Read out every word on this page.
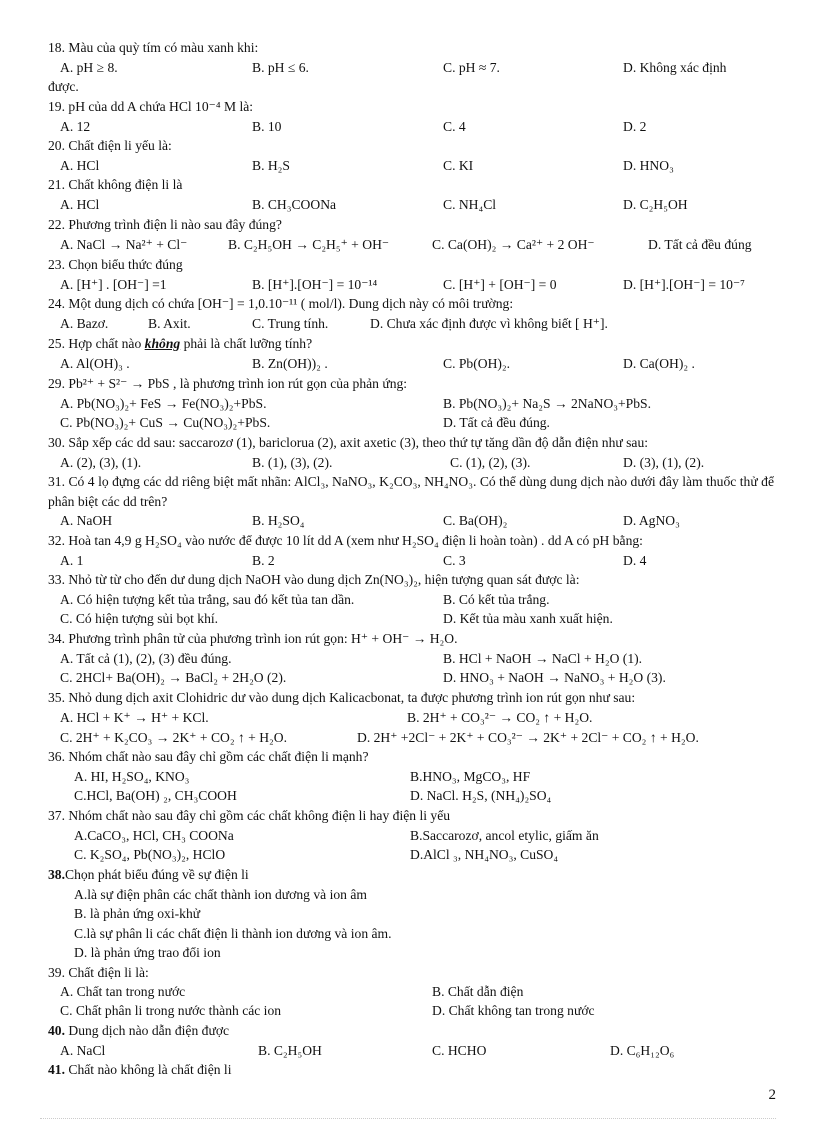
18. Màu của quỳ tím có màu xanh khi:
A. pH ≥ 8.	B. pH ≤ 6.	C. pH ≈ 7.	D. Không xác định
được.
19. pH của dd A chứa HCl 10⁻⁴ M là:
A. 12	B. 10	C. 4	D. 2
20. Chất điện li yếu là:
A. HCl	B. H₂S	C. KI	D. HNO₃
21. Chất không điện li là
A. HCl	B. CH₃COONa	C. NH₄Cl	D. C₂H₅OH
22. Phương trình điện li nào sau đây đúng?
A. NaCl → Na²⁺ + Cl⁻	B. C₂H₅OH → C₂H₅⁺ + OH⁻	C. Ca(OH)₂ → Ca²⁺ + 2 OH⁻	D. Tất cả đều đúng
23. Chọn biểu thức đúng
A. [H⁺] . [OH⁻] =1	B. [H⁺].[OH⁻] = 10⁻¹⁴	C. [H⁺] + [OH⁻] = 0	D. [H⁺].[OH⁻] = 10⁻⁷
24. Một dung dịch có chứa [OH⁻] = 1,0.10⁻¹¹ ( mol/l). Dung dịch này có môi trường:
A. Bazơ.	B. Axit.	C. Trung tính.	D. Chưa xác định được vì không biết [ H⁺].
25. Hợp chất nào không phải là chất lưỡng tính?
A. Al(OH)₃ .	B. Zn(OH))₂ .	C. Pb(OH)₂.	D. Ca(OH)₂ .
29. Pb²⁺ + S²⁻ → PbS , là phương trình ion rút gọn của phản ứng:
A. Pb(NO₃)₂+ FeS → Fe(NO₃)₂+PbS.	B. Pb(NO₃)₂+ Na₂S → 2NaNO₃+PbS.
C. Pb(NO₃)₂+ CuS → Cu(NO₃)₂+PbS.	D. Tất cả đều đúng.
30. Sắp xếp các dd sau: saccarozơ (1), bariclorua (2), axit axetic (3), theo thứ tự tăng dần độ dẫn điện như sau:
A. (2), (3), (1).	B. (1), (3), (2).	C. (1), (2), (3).	D. (3), (1), (2).
31. Có 4 lọ đựng các dd riêng biệt mất nhãn: AlCl₃, NaNO₃, K₂CO₃, NH₄NO₃. Có thể dùng dung dịch nào dưới đây làm thuốc thử để phân biệt các dd trên?
A. NaOH	B. H₂SO₄	C. Ba(OH)₂	D. AgNO₃
32. Hoà tan 4,9 g H₂SO₄ vào nước để được 10 lít dd A (xem như H₂SO₄ điện li hoàn toàn) . dd A có pH bằng:
A. 1	B. 2	C. 3	D. 4
33. Nhỏ từ từ cho đến dư dung dịch NaOH vào dung dịch Zn(NO₃)₂, hiện tượng quan sát được là:
A. Có hiện tượng kết tủa trắng, sau đó kết tủa tan dần.	B. Có kết tủa trắng.
C. Có hiện tượng sủi bọt khí.	D. Kết tủa màu xanh xuất hiện.
34. Phương trình phân tử của phương trình ion rút gọn: H⁺ + OH⁻ → H₂O.
A. Tất cả (1), (2), (3) đều đúng.	B. HCl + NaOH → NaCl + H₂O (1).
C. 2HCl+ Ba(OH)₂ → BaCl₂ + 2H₂O (2).	D. HNO₃ + NaOH → NaNO₃ + H₂O (3).
35. Nhỏ dung dịch axit Clohidric dư vào dung dịch Kalicacbonat, ta được phương trình ion rút gọn như sau:
A. HCl + K⁺ → H⁺ + KCl.	B. 2H⁺ + CO₃²⁻ → CO₂ ↑ + H₂O.
C. 2H⁺ + K₂CO₃ → 2K⁺ + CO₂ ↑ + H₂O.	D. 2H⁺ +2Cl⁻ + 2K⁺ + CO₃²⁻ → 2K⁺ + 2Cl⁻ + CO₂ ↑ + H₂O.
36. Nhóm chất nào sau đây chỉ gồm các chất điện li mạnh?
A. HI, H₂SO₄, KNO₃	B.HNO₃, MgCO₃, HF
C.HCl, Ba(OH) ₂, CH₃COOH	D. NaCl. H₂S, (NH₄)₂SO₄
37. Nhóm chất nào sau đây chỉ gồm các chất không điện li hay điện li yếu
A.CaCO₃, HCl, CH₃ COONa	B.Saccarozơ, ancol etylic, giấm ăn
C. K₂SO₄, Pb(NO₃)₂, HClO	D.AlCl ₃, NH₄NO₃, CuSO₄
38.Chọn phát biểu đúng về sự điện li
A.là sự điện phân các chất thành ion dương và ion âm
B. là phản ứng oxi-khử
C.là sự phân li các chất điện li thành ion dương và ion âm.
D. là phản ứng trao đổi ion
39. Chất điện li là:
A. Chất tan trong nước	B. Chất dẫn điện
C. Chất phân li trong nước thành các ion	D. Chất không tan trong nước
40. Dung dịch nào dẫn điện được
A. NaCl	B. C₂H₅OH	C. HCHO	D. C₆H₁₂O₆
41. Chất nào không là chất điện li
2
